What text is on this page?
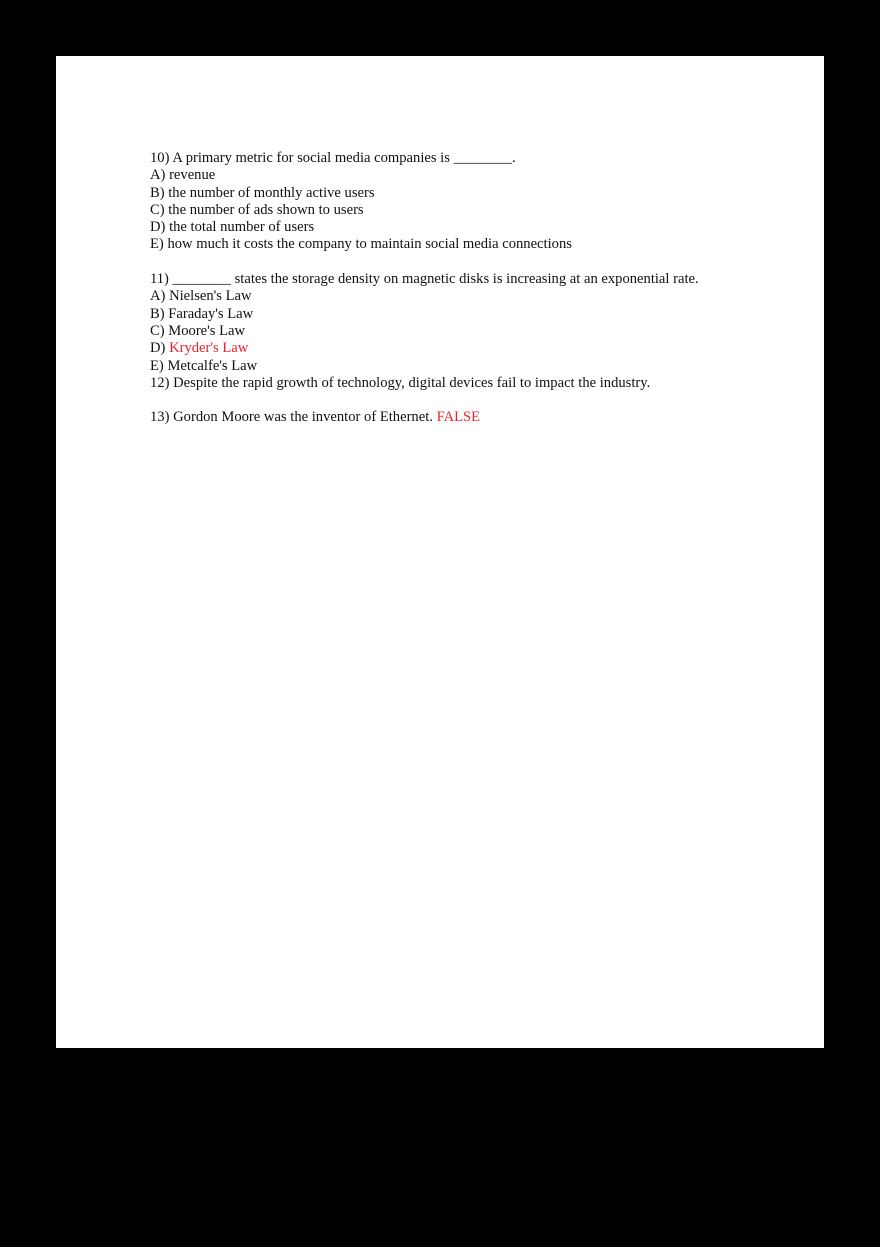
10) A primary metric for social media companies is ________.
A) revenue
B) the number of monthly active users
C) the number of ads shown to users
D) the total number of users
E) how much it costs the company to maintain social media connections
11) ________ states the storage density on magnetic disks is increasing at an exponential rate.
A) Nielsen's Law
B) Faraday's Law
C) Moore's Law
D) Kryder's Law
E) Metcalfe's Law
12) Despite the rapid growth of technology, digital devices fail to impact the industry.
13) Gordon Moore was the inventor of Ethernet. FALSE
